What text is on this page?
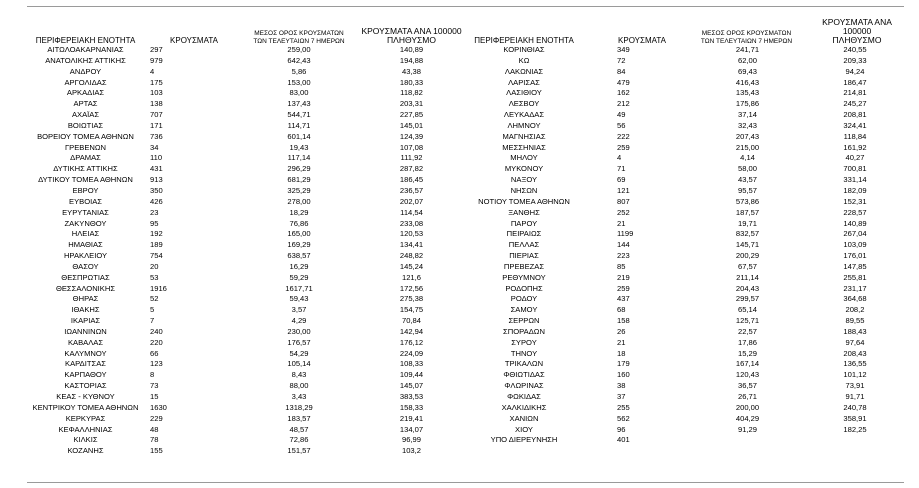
ΠΕΡΙΦΕΡΕΙΑΚΗ ΕΝΟΤΗΤΑ	ΚΡΟΥΣΜΑΤΑ
ΜΕΣΟΣ ΟΡΟΣ ΚΡΟΥΣΜΑΤΩΝ
ΤΩΝ ΤΕΛΕΥΤΑΙΩΝ 7 ΗΜΕΡΩΝ
ΚΡΟΥΣΜΑΤΑ ΑΝΑ 100000
ΠΛΗΘΥΣΜΟ
ΑΙΤΩΛΟΑΚΑΡΝΑΝΙΑΣ	297	259,00	140,89
ΑΝΑΤΟΛΙΚΗΣ ΑΤΤΙΚΗΣ	979	642,43	194,88
ΑΝΔΡΟΥ	4	5,86	43,38
ΑΡΓΟΛΙΔΑΣ	175	153,00	180,33
ΑΡΚΑΔΙΑΣ	103	83,00	118,82
ΑΡΤΑΣ	138	137,43	203,31
ΑΧΑΪΑΣ	707	544,71	227,85
ΒΟΙΩΤΙΑΣ	171	114,71	145,01
ΒΟΡΕΙΟΥ ΤΟΜΕΑ ΑΘΗΝΩΝ	736	601,14	124,39
ΓΡΕΒΕΝΩΝ	34	19,43	107,08
ΔΡΑΜΑΣ	110	117,14	111,92
ΔΥΤΙΚΗΣ ΑΤΤΙΚΗΣ	431	296,29	287,82
ΔΥΤΙΚΟΥ ΤΟΜΕΑ ΑΘΗΝΩΝ	913	681,29	186,45
ΕΒΡΟΥ	350	325,29	236,57
ΕΥΒΟΙΑΣ	426	278,00	202,07
ΕΥΡΥΤΑΝΙΑΣ	23	18,29	114,54
ΖΑΚΥΝΘΟΥ	95	76,86	233,08
ΗΛΕΙΑΣ	192	165,00	120,53
ΗΜΑΘΙΑΣ	189	169,29	134,41
ΗΡΑΚΛΕΙΟΥ	754	638,57	248,82
ΘΑΣΟΥ	20	16,29	145,24
ΘΕΣΠΡΩΤΙΑΣ	53	59,29	121,6
ΘΕΣΣΑΛΟΝΙΚΗΣ	1916	1617,71	172,56
ΘΗΡΑΣ	52	59,43	275,38
ΙΘΑΚΗΣ	5	3,57	154,75
ΙΚΑΡΙΑΣ	7	4,29	70,84
ΙΩΑΝΝΙΝΩΝ	240	230,00	142,94
ΚΑΒΑΛΑΣ	220	176,57	176,12
ΚΑΛΥΜΝΟΥ	66	54,29	224,09
ΚΑΡΔΙΤΣΑΣ	123	105,14	108,33
ΚΑΡΠΑΘΟΥ	8	8,43	109,44
ΚΑΣΤΟΡΙΑΣ	73	88,00	145,07
ΚΕΑΣ - ΚΥΘΝΟΥ	15	3,43	383,53
ΚΕΝΤΡΙΚΟΥ ΤΟΜΕΑ ΑΘΗΝΩΝ	1630	1318,29	158,33
ΚΕΡΚΥΡΑΣ	229	183,57	219,41
ΚΕΦΑΛΛΗΝΙΑΣ	48	48,57	134,07
ΚΙΛΚΙΣ	78	72,86	96,99
ΚΟΖΑΝΗΣ	155	151,57	103,2
ΠΕΡΙΦΕΡΕΙΑΚΗ ΕΝΟΤΗΤΑ	ΚΡΟΥΣΜΑΤΑ
ΜΕΣΟΣ ΟΡΟΣ ΚΡΟΥΣΜΑΤΩΝ
ΤΩΝ ΤΕΛΕΥΤΑΙΩΝ 7 ΗΜΕΡΩΝ
ΚΡΟΥΣΜΑΤΑ ΑΝΑ 100000
ΠΛΗΘΥΣΜΟ
ΚΟΡΙΝΘΙΑΣ	349	241,71	240,55
ΚΩ	72	62,00	209,33
ΛΑΚΩΝΙΑΣ	84	69,43	94,24
ΛΑΡΙΣΑΣ	479	416,43	186,47
ΛΑΣΙΘΙΟΥ	162	135,43	214,81
ΛΕΣΒΟΥ	212	175,86	245,27
ΛΕΥΚΑΔΑΣ	49	37,14	208,81
ΛΗΜΝΟΥ	56	32,43	324,41
ΜΑΓΝΗΣΙΑΣ	222	207,43	118,84
ΜΕΣΣΗΝΙΑΣ	259	215,00	161,92
ΜΗΛΟΥ	4	4,14	40,27
ΜΥΚΟΝΟΥ	71	58,00	700,81
ΝΑΞΟΥ	69	43,57	331,14
ΝΗΣΩΝ	121	95,57	182,09
ΝΟΤΙΟΥ ΤΟΜΕΑ ΑΘΗΝΩΝ	807	573,86	152,31
ΞΑΝΘΗΣ	252	187,57	228,57
ΠΑΡΟΥ	21	19,71	140,89
ΠΕΙΡΑΙΩΣ	1199	832,57	267,04
ΠΕΛΛΑΣ	144	145,71	103,09
ΠΙΕΡΙΑΣ	223	200,29	176,01
ΠΡΕΒΕΖΑΣ	85	67,57	147,85
ΡΕΘΥΜΝΟΥ	219	211,14	255,81
ΡΟΔΟΠΗΣ	259	204,43	231,17
ΡΟΔΟΥ	437	299,57	364,68
ΣΑΜΟΥ	68	65,14	208,2
ΣΕΡΡΩΝ	158	125,71	89,55
ΣΠΟΡΑΔΩΝ	26	22,57	188,43
ΣΥΡΟΥ	21	17,86	97,64
ΤΗΝΟΥ	18	15,29	208,43
ΤΡΙΚΑΛΩΝ	179	167,14	136,55
ΦΘΙΩΤΙΔΑΣ	160	120,43	101,12
ΦΛΩΡΙΝΑΣ	38	36,57	73,91
ΦΩΚΙΔΑΣ	37	26,71	91,71
ΧΑΛΚΙΔΙΚΗΣ	255	200,00	240,78
ΧΑΝΙΩΝ	562	404,29	358,91
ΧΙΟΥ	96	91,29	182,25
ΥΠΟ ΔΙΕΡΕΥΝΗΣΗ	401
